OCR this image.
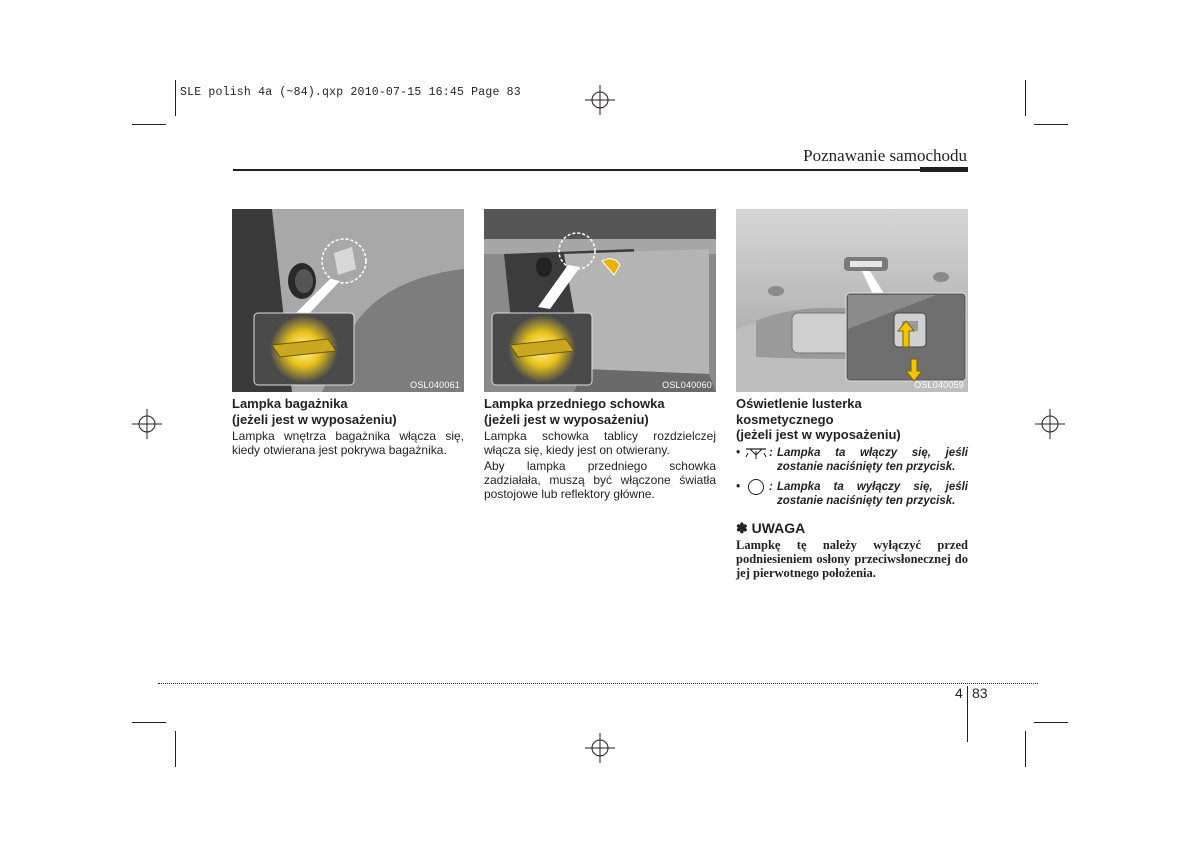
SLE polish 4a (~84).qxp 2010-07-15 16:45 Page 83
Poznawanie samochodu
OSL040061	OSL040060	OSL040059

Lampka bagażnika
(jeżeli jest w wyposażeniu)

Lampka wnętrza bagażnika włącza się, kiedy otwierana jest pokrywa bagażnika.

Lampka przedniego schowka
(jeżeli jest w wyposażeniu)

Lampka schowka tablicy rozdzielczej włącza się, kiedy jest on otwierany.

Aby lampka przedniego schowka zadziałała, muszą być włączone światła postojowe lub reflektory główne.

Oświetlenie lusterka
kosmetycznego
(jeżeli jest w wyposażeniu)

•	: Lampka ta włączy się, jeśli zostanie naciśnięty ten przycisk.
•	: Lampka ta wyłączy się, jeśli zostanie naciśnięty ten przycisk.
✽ UWAGA
Lampkę tę należy wyłączyć przed podniesieniem osłony przeciwsłonecznej do jej pierwotnego położenia.
4 83
